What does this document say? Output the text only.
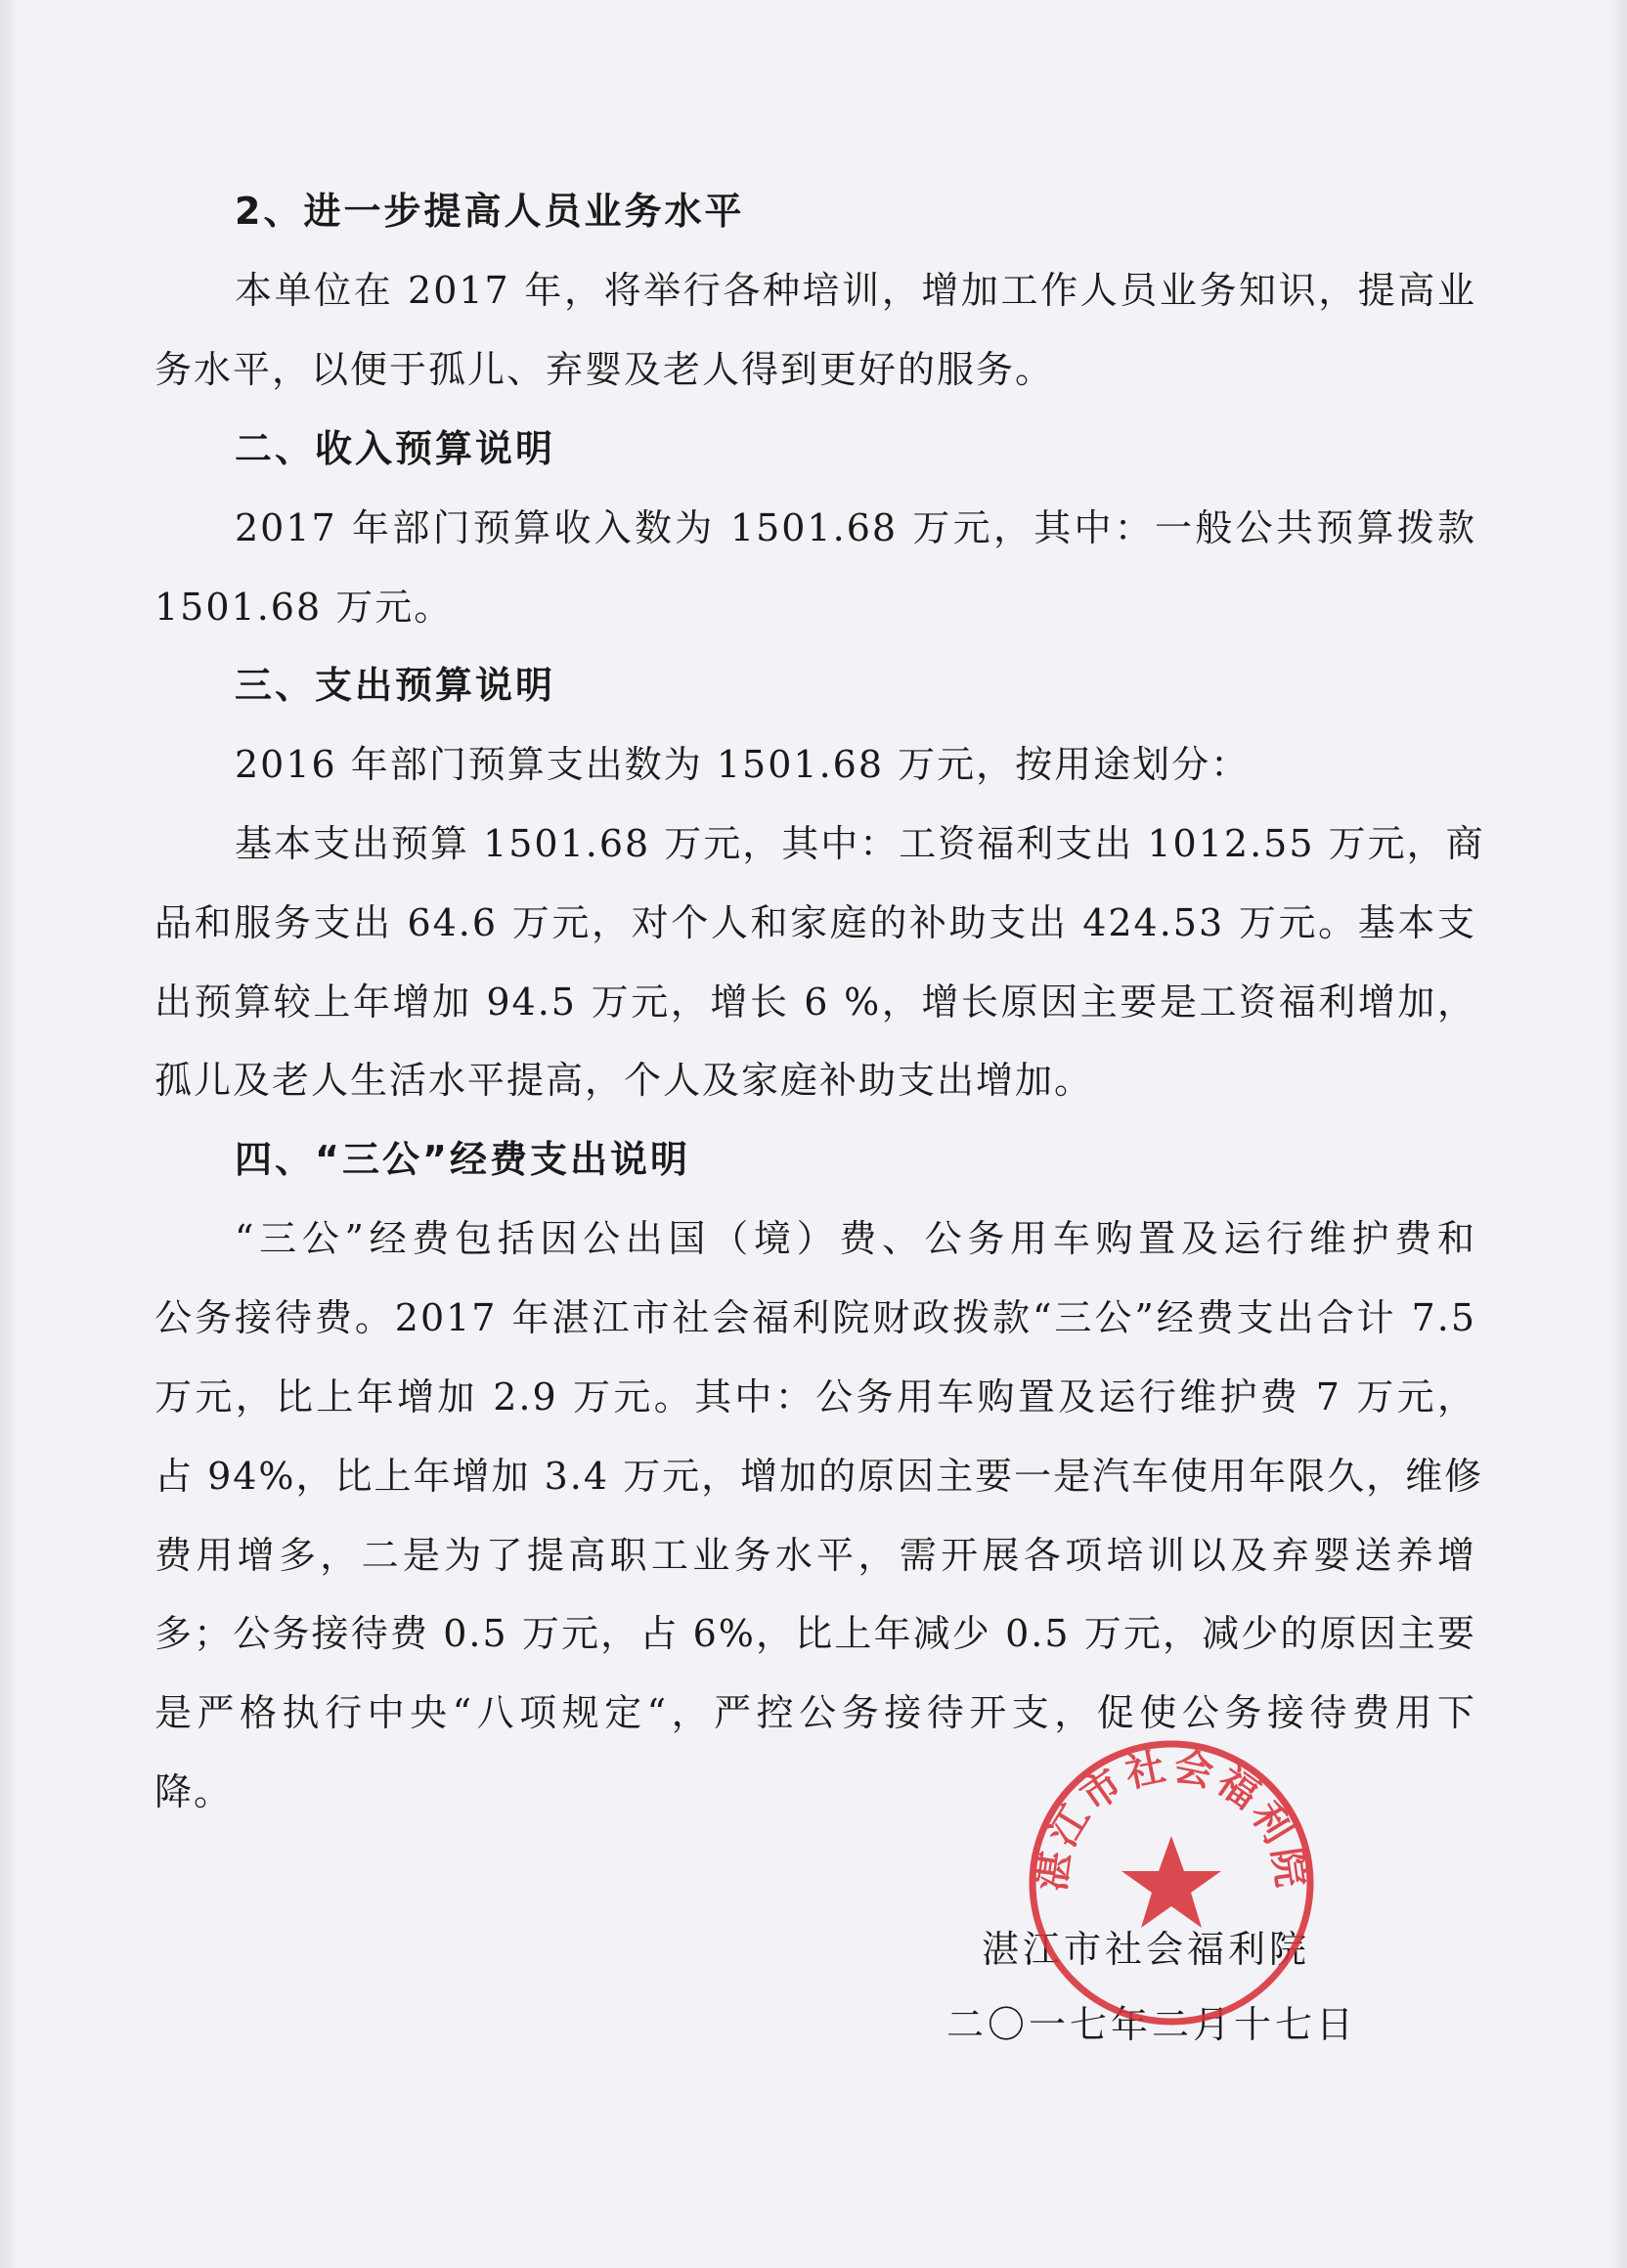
2、进一步提高人员业务水平
本单位在 2017 年，将举行各种培训，增加工作人员业务知识，提高业
务水平，以便于孤儿、弃婴及老人得到更好的服务。
二、收入预算说明
2017 年部门预算收入数为 1501.68 万元，其中：一般公共预算拨款
1501.68 万元。
三、支出预算说明
2016 年部门预算支出数为 1501.68 万元，按用途划分：
基本支出预算 1501.68 万元，其中：工资福利支出 1012.55 万元，商
品和服务支出 64.6 万元，对个人和家庭的补助支出 424.53 万元。基本支
出预算较上年增加 94.5 万元，增长 6 %，增长原因主要是工资福利增加，
孤儿及老人生活水平提高，个人及家庭补助支出增加。
四、“三公”经费支出说明
“三公”经费包括因公出国（境）费、公务用车购置及运行维护费和
公务接待费。2017 年湛江市社会福利院财政拨款“三公”经费支出合计 7.5
万元，比上年增加 2.9 万元。其中：公务用车购置及运行维护费 7 万元，
占 94%，比上年增加 3.4 万元，增加的原因主要一是汽车使用年限久，维修
费用增多，二是为了提高职工业务水平，需开展各项培训以及弃婴送养增
多；公务接待费 0.5 万元，占 6%，比上年减少 0.5 万元，减少的原因主要
是严格执行中央“八项规定“，严控公务接待开支，促使公务接待费用下
降。
湛江市社会福利院
二〇一七年二月十七日
湛江市社会福利院
